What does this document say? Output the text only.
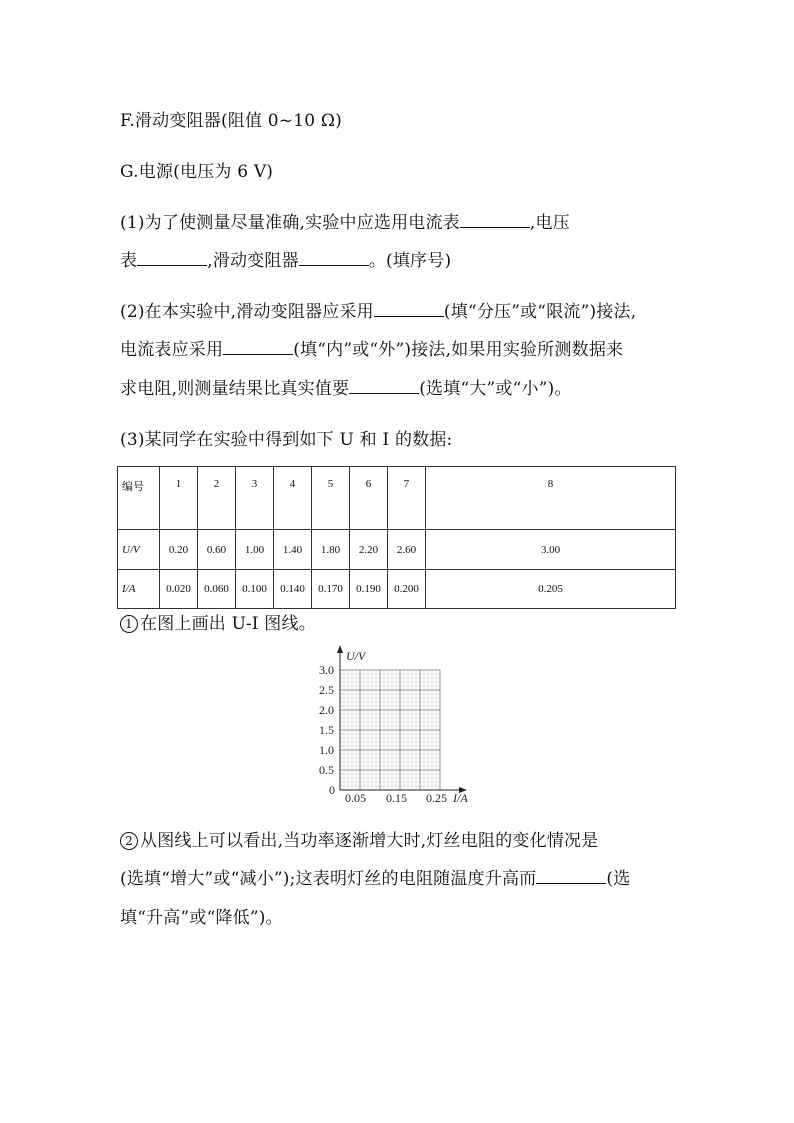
F.滑动变阻器(阻值 0~10 Ω)
G.电源(电压为 6 V)
(1)为了使测量尽量准确,实验中应选用电流表	,电压
表	,滑动变阻器	。(填序号)
(2)在本实验中,滑动变阻器应采用	(填“分压”或“限流”)接法,
电流表应采用	(填“内”或“外”)接法,如果用实验所测数据来
求电阻,则测量结果比真实值要	(选填“大”或“小”)。
(3)某同学在实验中得到如下 U 和 I 的数据:
编号	1	2	3	4	5	6	7	8
U/V	0.20	0.60	1.00	1.40	1.80	2.20	2.60	3.00
I/A	0.020	0.060	0.100	0.140	0.170	0.190	0.200	0.205
1 在图上画出 U-I 图线。
U/V
I/A
0
3.0
2.5
2.0
1.5
1.0
0.5
0.05 0.15 0.25
2 从图线上可以看出,当功率逐渐增大时,灯丝电阻的变化情况是
(选填“增大”或“减小”);这表明灯丝的电阻随温度升高而	(选
填“升高”或“降低”)。
